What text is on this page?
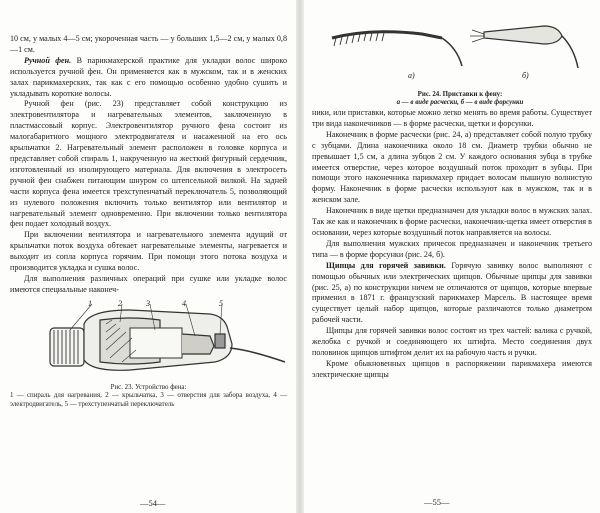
10 см, у малых 4—5 см; укороченная часть — у больших 1,5—2 см, у малых 0,8—1 см.

Ручной фен. В парикмахерской практике для укладки волос широко используется ручной фен. Он применяется как в мужском, так и в женских залах парикмахерских, так как с его помощью особенно удобно сушить и укладывать короткие волосы.

Ручной фен (рис. 23) представляет собой конструкцию из электровентилятора и нагревательных элементов, заключенную в пластмассовый корпус. Электровентилятор ручного фена состоит из малогабаритного мощного электродвигателя и насаженной на его ось крыльчатки 2. Нагревательный элемент расположен в головке корпуса и представляет собой спираль 1, накрученную на жесткий фигурный сердечник, изготовленный из изолирующего материала. Для включения в электросеть ручной фен снабжен питающим шнуром со штепсельной вилкой. На задней части корпуса фена имеется трехступенчатый переключатель 5, позволяющий из нулевого положения включить только вентилятор или вентилятор и нагревательный элемент одновременно. При включении только вентилятора фен подает холодный воздух.

При включении вентилятора и нагревательного элемента идущий от крыльчатки поток воздуха обтекает нагревательные элементы, нагревается и выходит из сопла корпуса горячим. При помощи этого потока воздуха и производится укладка и сушка волос.

Для выполнения различных операций при сушке или укладке волос имеются специальные наконеч-

1	2	3	4	5
Рис. 23. Устройство фена:
1 — спираль для нагревания, 2 — крыльчатка, 3 — отверстия для забора воздуха, 4 — электродвигатель, 5 — трехступенчатый переключатель
—54—
а)	б)
Рис. 24. Приставки к фену:
а — в виде расчески, б — в виде форсунки

ники, или приставки, которые можно легко менять во время работы. Существует три вида наконечников — в форме расчески, щетки и форсунки.

Наконечник в форме расчески (рис. 24, а) представляет собой полую трубку с зубцами. Длина наконечника около 18 см. Диаметр трубки обычно не превышает 1,5 см, а длина зубцов 2 см. У каждого основания зубца в трубке имеется отверстие, через которое воздушный поток проходит в зубцы. При помощи этого наконечника парикмахер придает волосам пышную волнистую форму. Наконечник в форме расчески используют как в мужском, так и в женском зале.

Наконечник в виде щетки предназначен для укладки волос в мужских залах. Так же как и наконечник в форме расчески, наконечник-щетка имеет отверстия в основании, через которые воздушный поток направляется на волосы.

Для выполнения мужских причесок предназначен и наконечник третьего типа — в форме форсунки (рис. 24, б).

Щипцы для горячей завивки. Горячую завивку волос выполняют с помощью обычных или электрических щипцов. Обычные щипцы для завивки (рис. 25, а) по конструкции ничем не отличаются от щипцов, которые впервые применил в 1871 г. французский парикмахер Марсель. В настоящее время существует целый набор щипцов, которые различаются только диаметром рабочей части.

Щипцы для горячей завивки волос состоят из трех частей: валика с ручкой, желобка с ручкой и соединяющего их штифта. Место соединения двух половинок щипцов штифтом делит их на рабочую часть и ручки.

Кроме обыкновенных щипцов в распоряжении парикмахера имеются электрические щипцы

—55—
